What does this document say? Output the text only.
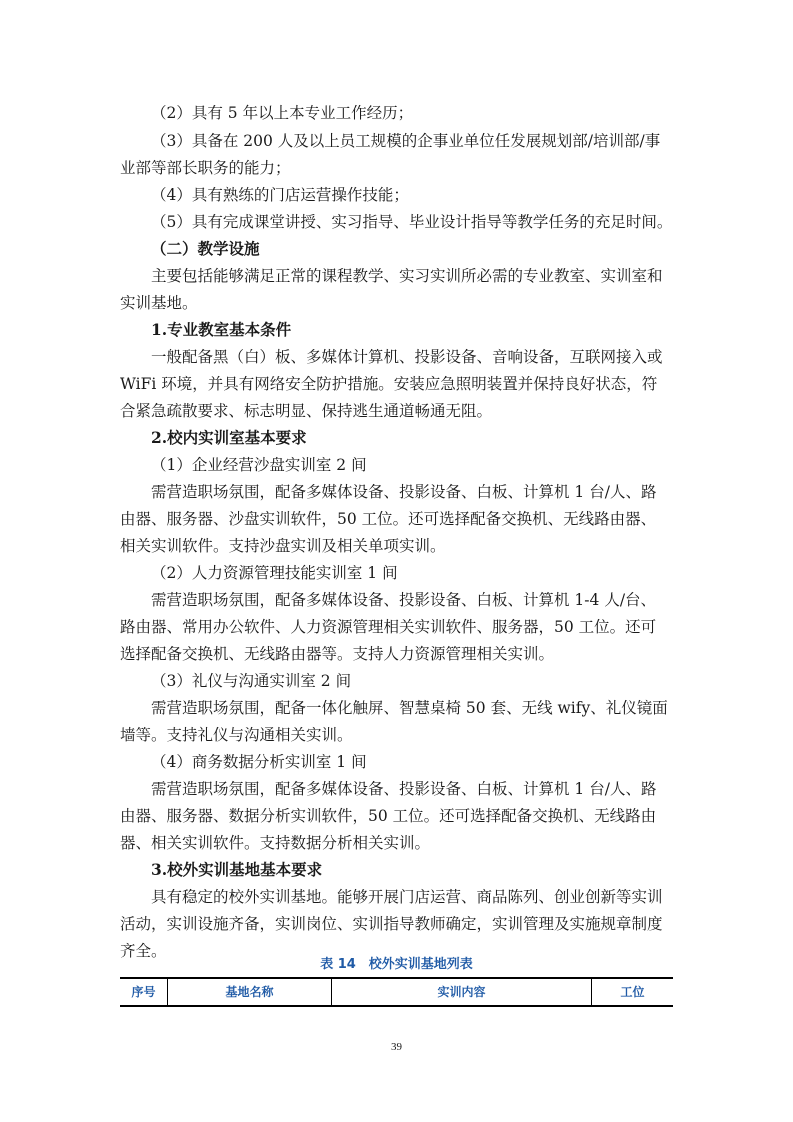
（2）具有 5 年以上本专业工作经历；
（3）具备在 200 人及以上员工规模的企事业单位任发展规划部/培训部/事
业部等部长职务的能力；
（4）具有熟练的门店运营操作技能；
（5）具有完成课堂讲授、实习指导、毕业设计指导等教学任务的充足时间。
（二）教学设施
主要包括能够满足正常的课程教学、实习实训所必需的专业教室、实训室和
实训基地。
1.专业教室基本条件
一般配备黑（白）板、多媒体计算机、投影设备、音响设备，互联网接入或
WiFi 环境，并具有网络安全防护措施。安装应急照明装置并保持良好状态，符
合紧急疏散要求、标志明显、保持逃生通道畅通无阻。
2.校内实训室基本要求
（1）企业经营沙盘实训室 2 间
需营造职场氛围，配备多媒体设备、投影设备、白板、计算机 1 台/人、路
由器、服务器、沙盘实训软件，50 工位。还可选择配备交换机、无线路由器、
相关实训软件。支持沙盘实训及相关单项实训。
（2）人力资源管理技能实训室 1 间
需营造职场氛围，配备多媒体设备、投影设备、白板、计算机 1-4 人/台、
路由器、常用办公软件、人力资源管理相关实训软件、服务器，50 工位。还可
选择配备交换机、无线路由器等。支持人力资源管理相关实训。
（3）礼仪与沟通实训室 2 间
需营造职场氛围，配备一体化触屏、智慧桌椅 50 套、无线 wify、礼仪镜面
墙等。支持礼仪与沟通相关实训。
（4）商务数据分析实训室 1 间
需营造职场氛围，配备多媒体设备、投影设备、白板、计算机 1 台/人、路
由器、服务器、数据分析实训软件，50 工位。还可选择配备交换机、无线路由
器、相关实训软件。支持数据分析相关实训。
3.校外实训基地基本要求
具有稳定的校外实训基地。能够开展门店运营、商品陈列、创业创新等实训
活动，实训设施齐备，实训岗位、实训指导教师确定，实训管理及实施规章制度
齐全。
表 14　校外实训基地列表
序号	基地名称	实训内容	工位
39
